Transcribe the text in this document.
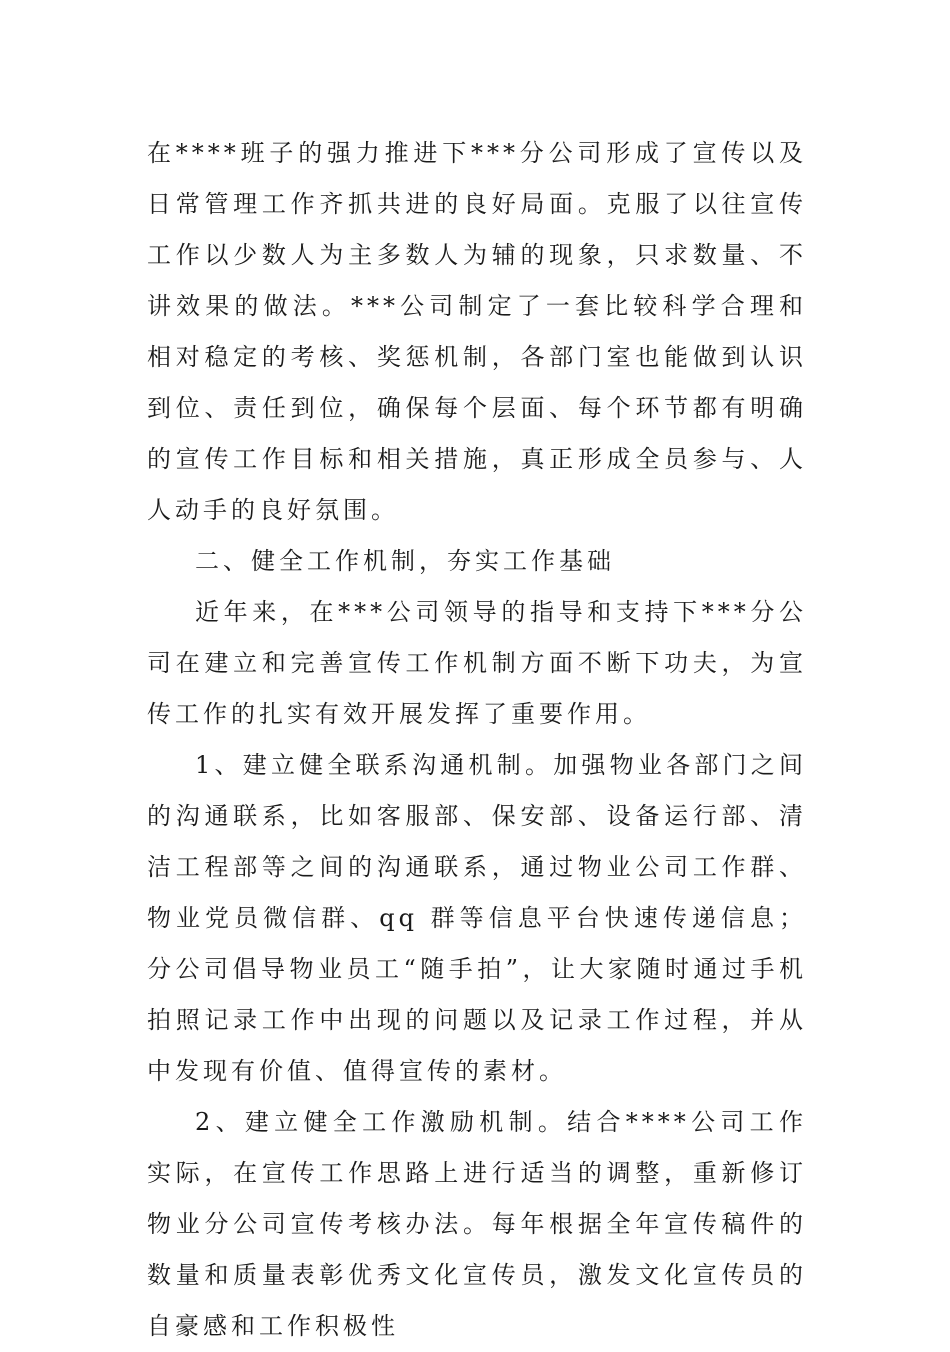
在****班子的强力推进下***分公司形成了宣传以及日常管理工作齐抓共进的良好局面。克服了以往宣传工作以少数人为主多数人为辅的现象，只求数量、不讲效果的做法。***公司制定了一套比较科学合理和相对稳定的考核、奖惩机制，各部门室也能做到认识到位、责任到位，确保每个层面、每个环节都有明确的宣传工作目标和相关措施，真正形成全员参与、人人动手的良好氛围。

二、健全工作机制，夯实工作基础

近年来，在***公司领导的指导和支持下***分公司在建立和完善宣传工作机制方面不断下功夫，为宣传工作的扎实有效开展发挥了重要作用。

1、建立健全联系沟通机制。加强物业各部门之间的沟通联系，比如客服部、保安部、设备运行部、清洁工程部等之间的沟通联系，通过物业公司工作群、物业党员微信群、qq 群等信息平台快速传递信息；分公司倡导物业员工“随手拍”，让大家随时通过手机拍照记录工作中出现的问题以及记录工作过程，并从中发现有价值、值得宣传的素材。

2、建立健全工作激励机制。结合****公司工作实际，在宣传工作思路上进行适当的调整，重新修订物业分公司宣传考核办法。每年根据全年宣传稿件的数量和质量表彰优秀文化宣传员，激发文化宣传员的自豪感和工作积极性
